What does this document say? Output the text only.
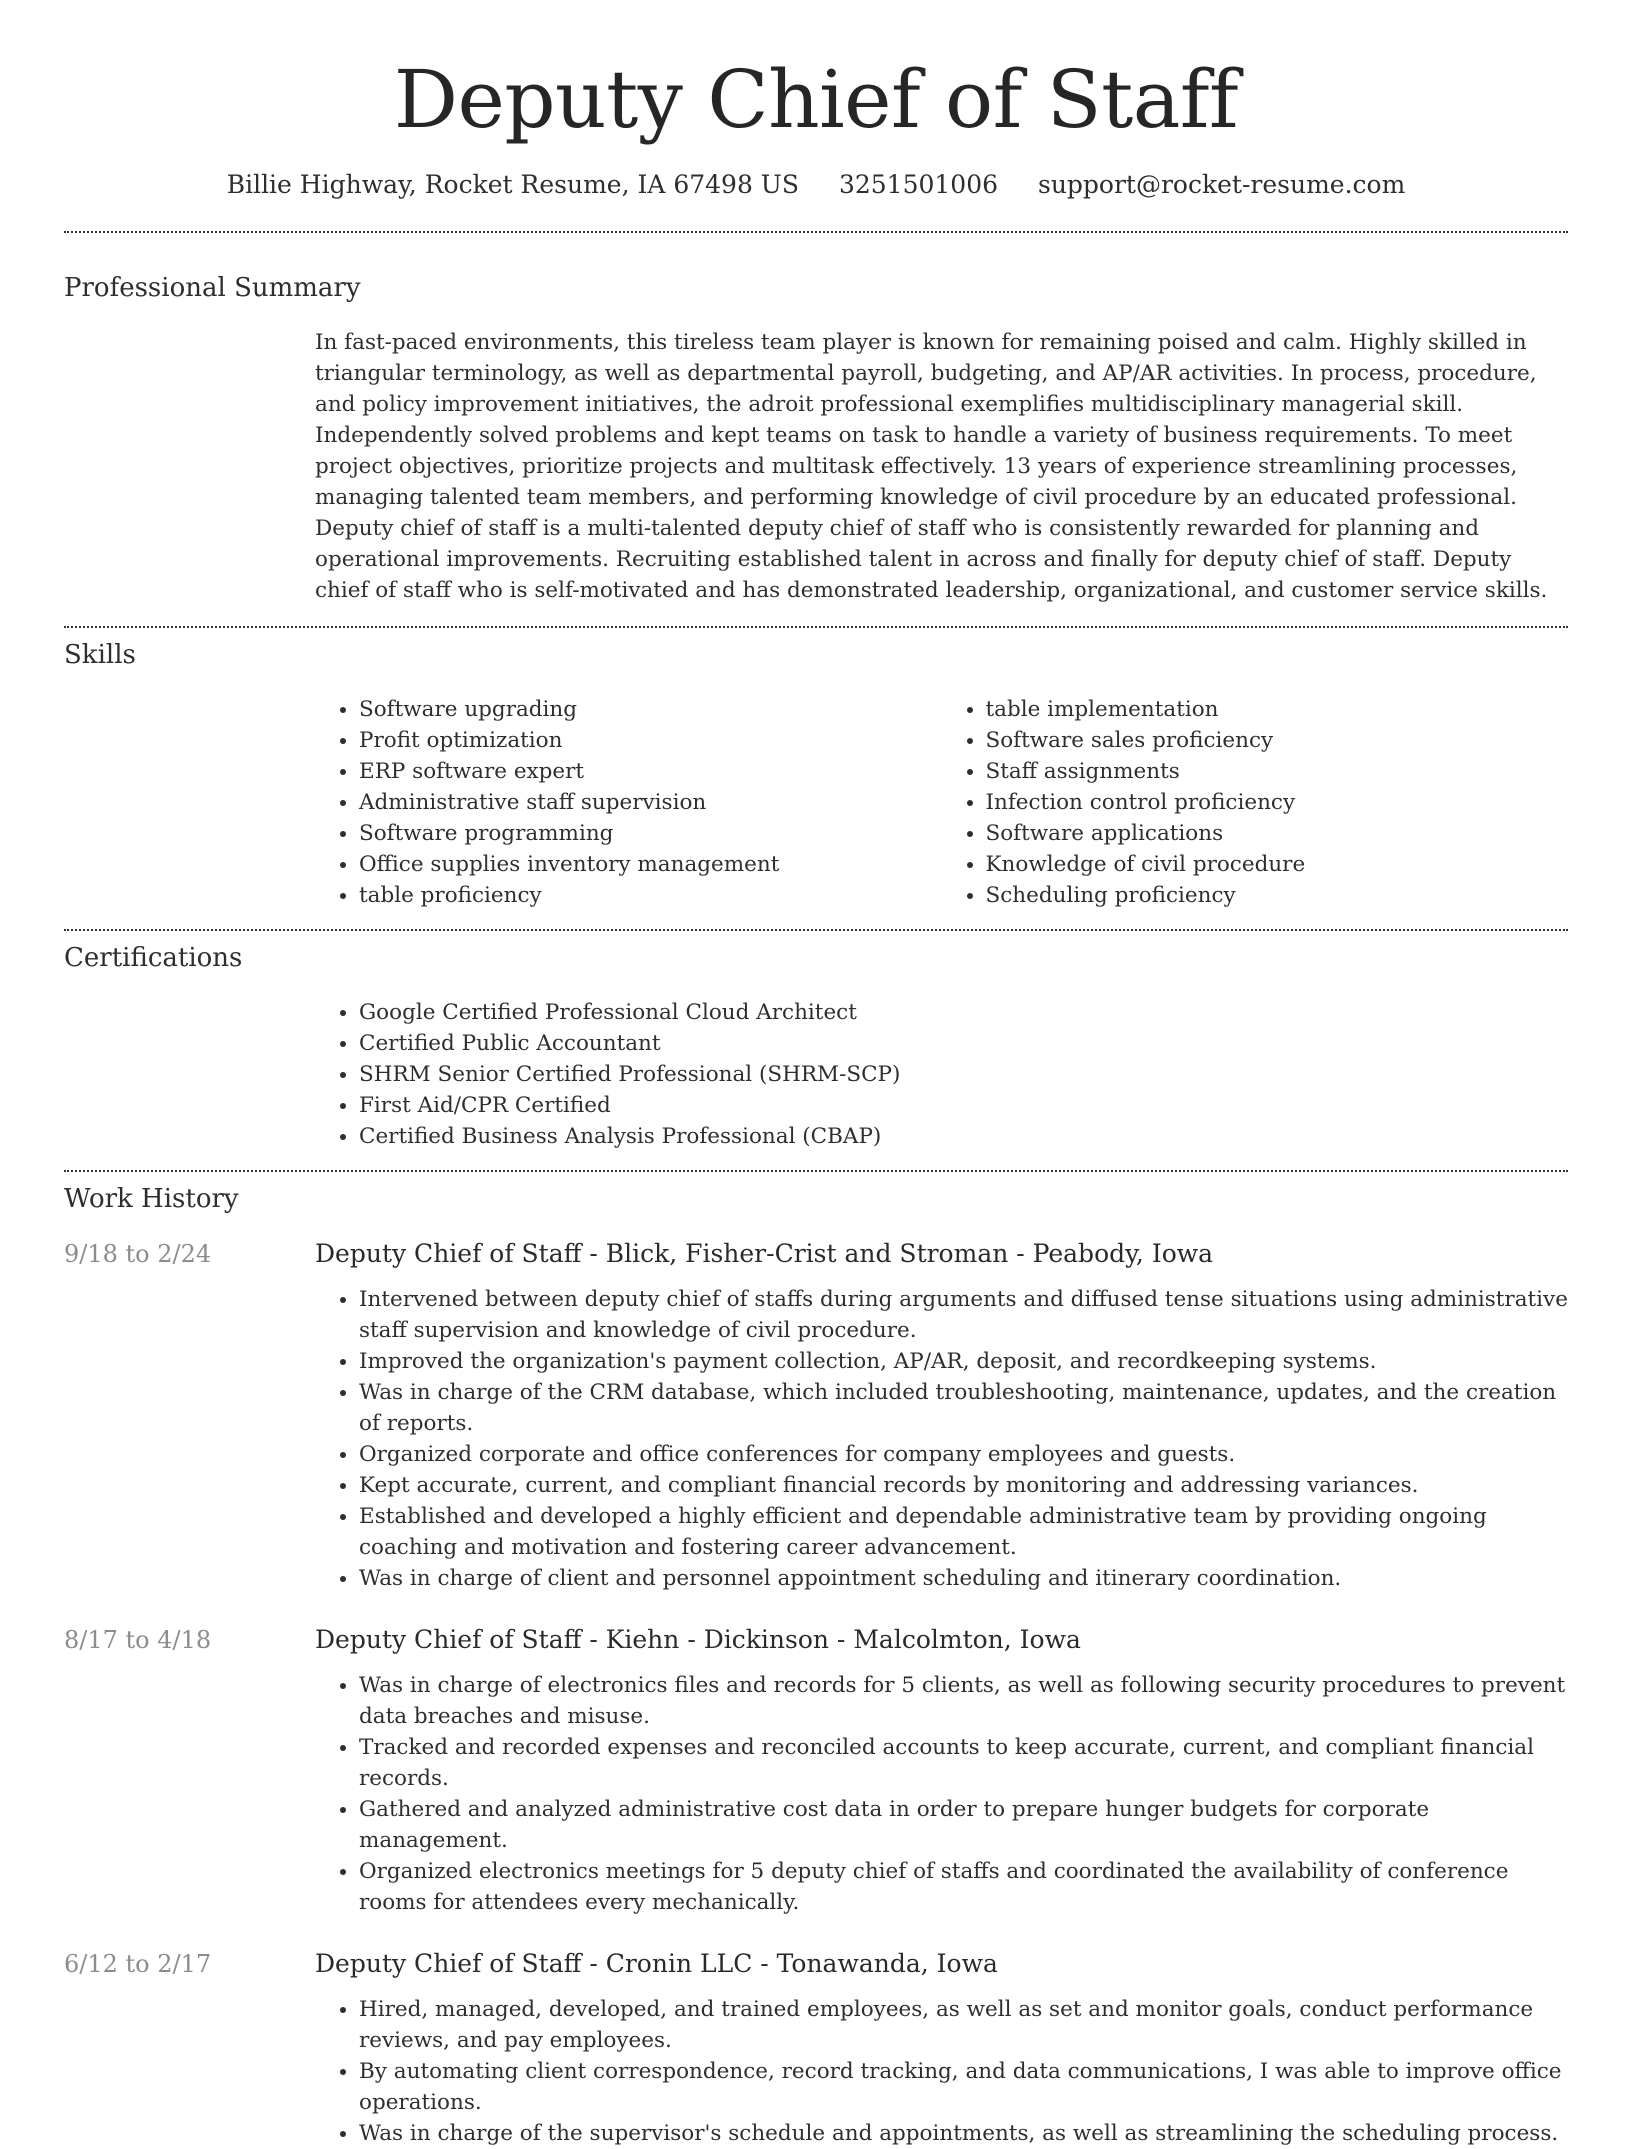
Deputy Chief of Staff
Billie Highway, Rocket Resume, IA 67498 US 3251501006 support@rocket-resume.com
Professional Summary

In fast-paced environments, this tireless team player is known for remaining poised and calm. Highly skilled in triangular terminology, as well as departmental payroll, budgeting, and AP/AR activities. In process, procedure, and policy improvement initiatives, the adroit professional exemplifies multidisciplinary managerial skill. Independently solved problems and kept teams on task to handle a variety of business requirements. To meet project objectives, prioritize projects and multitask effectively. 13 years of experience streamlining processes, managing talented team members, and performing knowledge of civil procedure by an educated professional. Deputy chief of staff is a multi-talented deputy chief of staff who is consistently rewarded for planning and operational improvements. Recruiting established talent in across and finally for deputy chief of staff. Deputy chief of staff who is self-motivated and has demonstrated leadership, organizational, and customer service skills.

Skills
• Software upgrading
• Profit optimization
• ERP software expert
• Administrative staff supervision
• Software programming
• Office supplies inventory management
• table proficiency
• table implementation
• Software sales proficiency
• Staff assignments
• Infection control proficiency
• Software applications
• Knowledge of civil procedure
• Scheduling proficiency
Certifications
• Google Certified Professional Cloud Architect
• Certified Public Accountant
• SHRM Senior Certified Professional (SHRM-SCP)
• First Aid/CPR Certified
• Certified Business Analysis Professional (CBAP)
Work History
9/18 to 2/24	Deputy Chief of Staff - Blick, Fisher-Crist and Stroman - Peabody, Iowa
• Intervened between deputy chief of staffs during arguments and diffused tense situations using administrative staff supervision and knowledge of civil procedure.
• Improved the organization's payment collection, AP/AR, deposit, and recordkeeping systems.
• Was in charge of the CRM database, which included troubleshooting, maintenance, updates, and the creation of reports.
• Organized corporate and office conferences for company employees and guests.
• Kept accurate, current, and compliant financial records by monitoring and addressing variances.
• Established and developed a highly efficient and dependable administrative team by providing ongoing coaching and motivation and fostering career advancement.
• Was in charge of client and personnel appointment scheduling and itinerary coordination.
8/17 to 4/18	Deputy Chief of Staff - Kiehn - Dickinson - Malcolmton, Iowa
• Was in charge of electronics files and records for 5 clients, as well as following security procedures to prevent data breaches and misuse.
• Tracked and recorded expenses and reconciled accounts to keep accurate, current, and compliant financial records.
• Gathered and analyzed administrative cost data in order to prepare hunger budgets for corporate management.
• Organized electronics meetings for 5 deputy chief of staffs and coordinated the availability of conference rooms for attendees every mechanically.
6/12 to 2/17	Deputy Chief of Staff - Cronin LLC - Tonawanda, Iowa
• Hired, managed, developed, and trained employees, as well as set and monitor goals, conduct performance reviews, and pay employees.
• By automating client correspondence, record tracking, and data communications, I was able to improve office operations.
• Was in charge of the supervisor's schedule and appointments, as well as streamlining the scheduling process.
